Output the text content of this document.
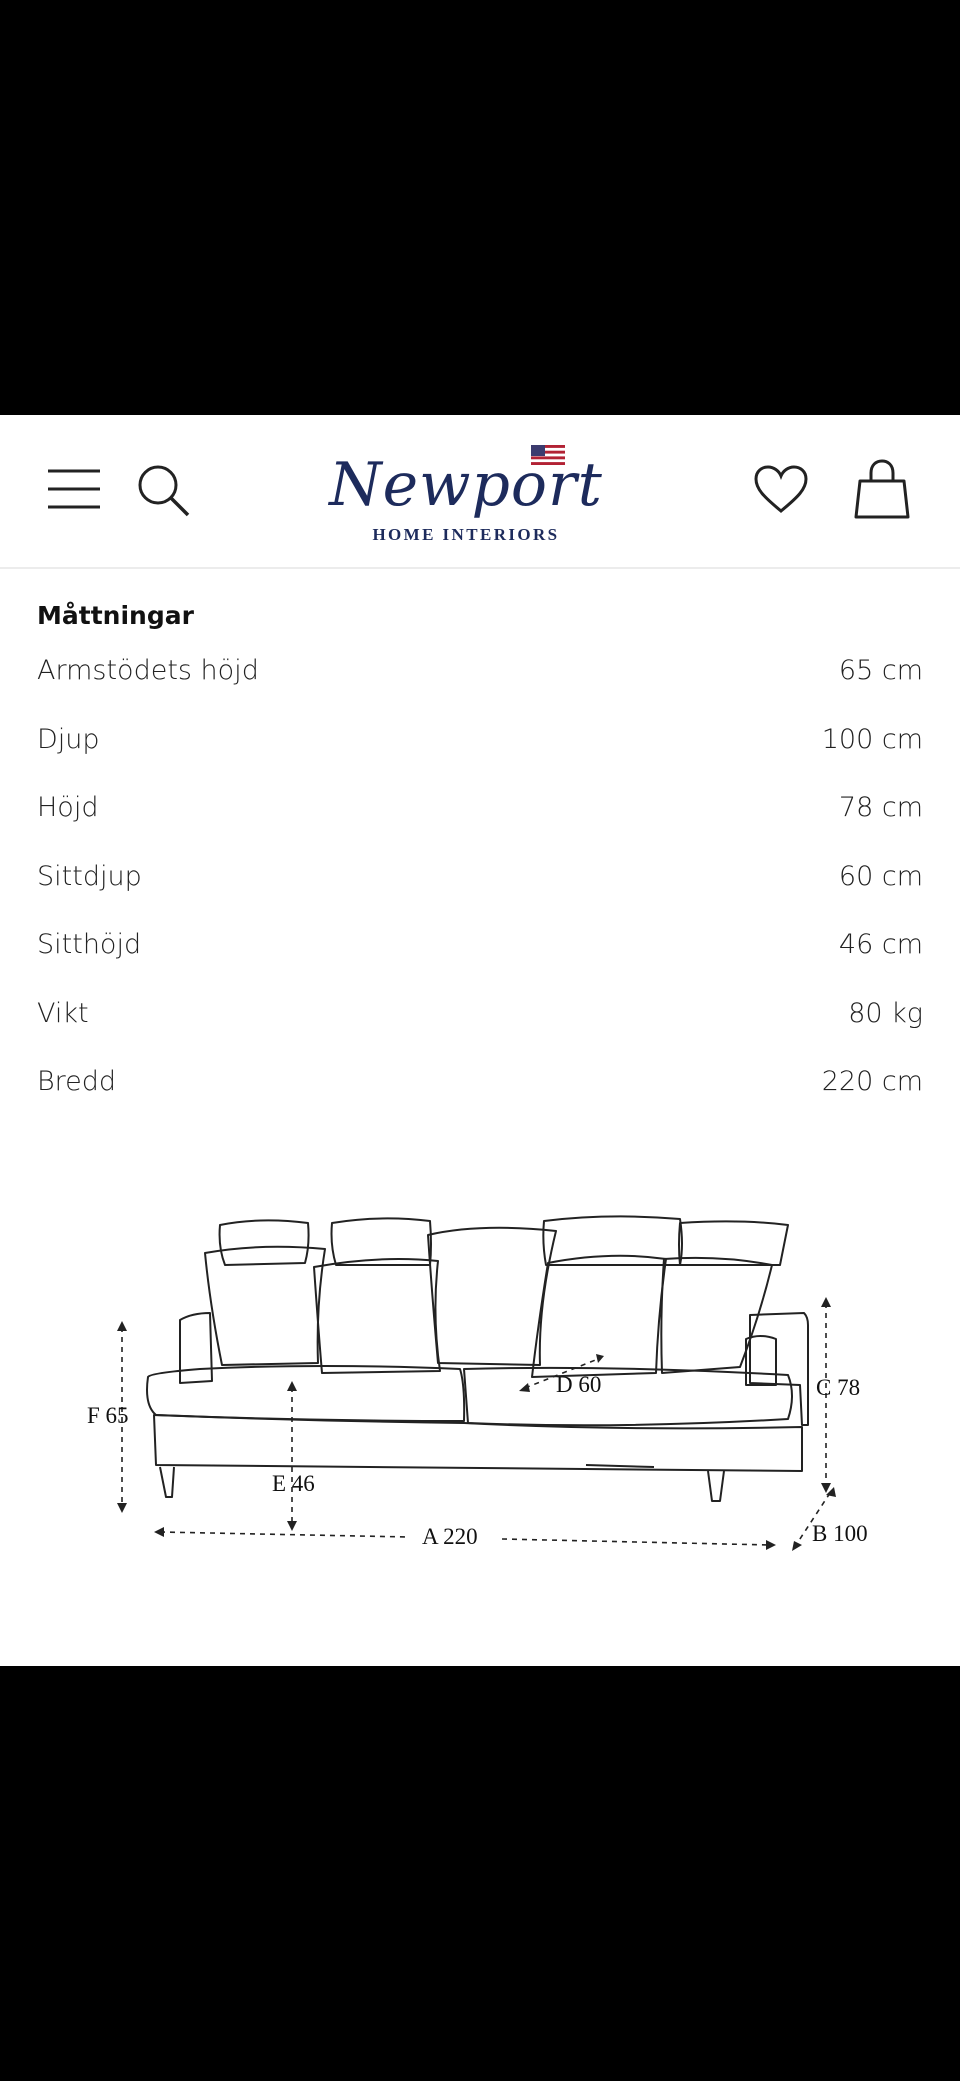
Newport
HOME INTERIORS
Måttningar
Armstödets höjd	65 cm
Djup	100 cm
Höjd	78 cm
Sittdjup	60 cm
Sitthöjd	46 cm
Vikt	80 kg
Bredd	220 cm
F 65
E 46
C 78
D 60
A 220	B 100
